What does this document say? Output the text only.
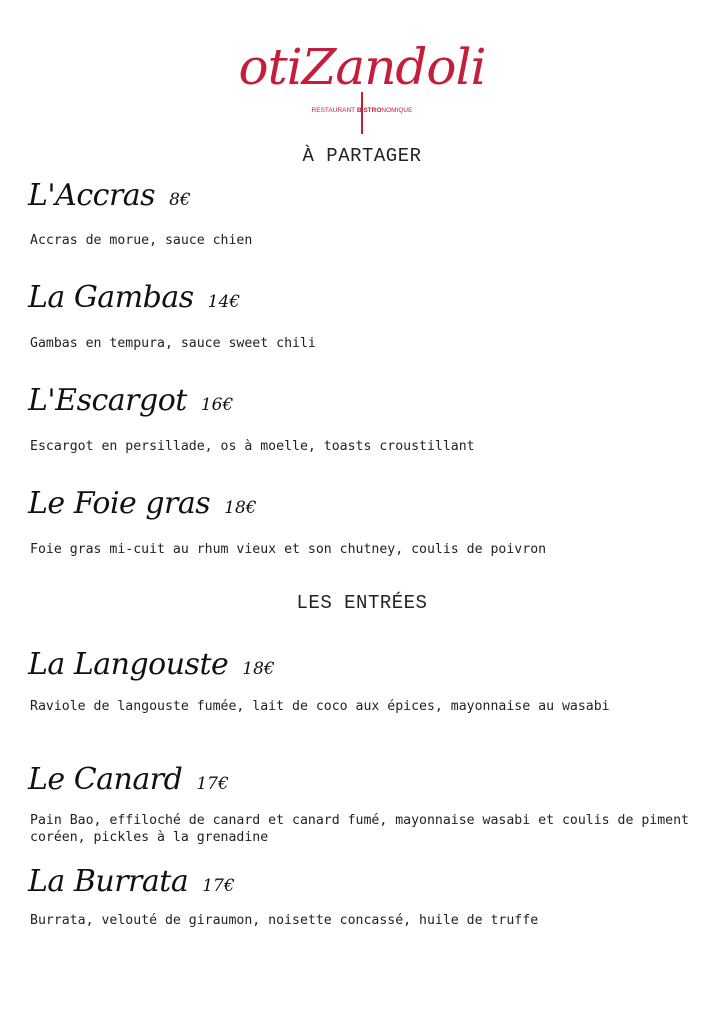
otiZandoli
RESTAURANT BISTRONOMIQUE
À PARTAGER
L'Accras 8€
Accras de morue, sauce chien
La Gambas 14€
Gambas en tempura, sauce sweet chili
L'Escargot 16€
Escargot en persillade, os à moelle, toasts croustillant
Le Foie gras 18€
Foie gras mi-cuit au rhum vieux et son chutney, coulis de poivron
LES ENTRÉES
La Langouste 18€
Raviole de langouste fumée, lait de coco aux épices, mayonnaise au wasabi
Le Canard 17€
Pain Bao, effiloché de canard et canard fumé, mayonnaise wasabi et coulis de piment coréen, pickles à la grenadine
La Burrata 17€
Burrata, velouté de giraumon, noisette concassé, huile de truffe
